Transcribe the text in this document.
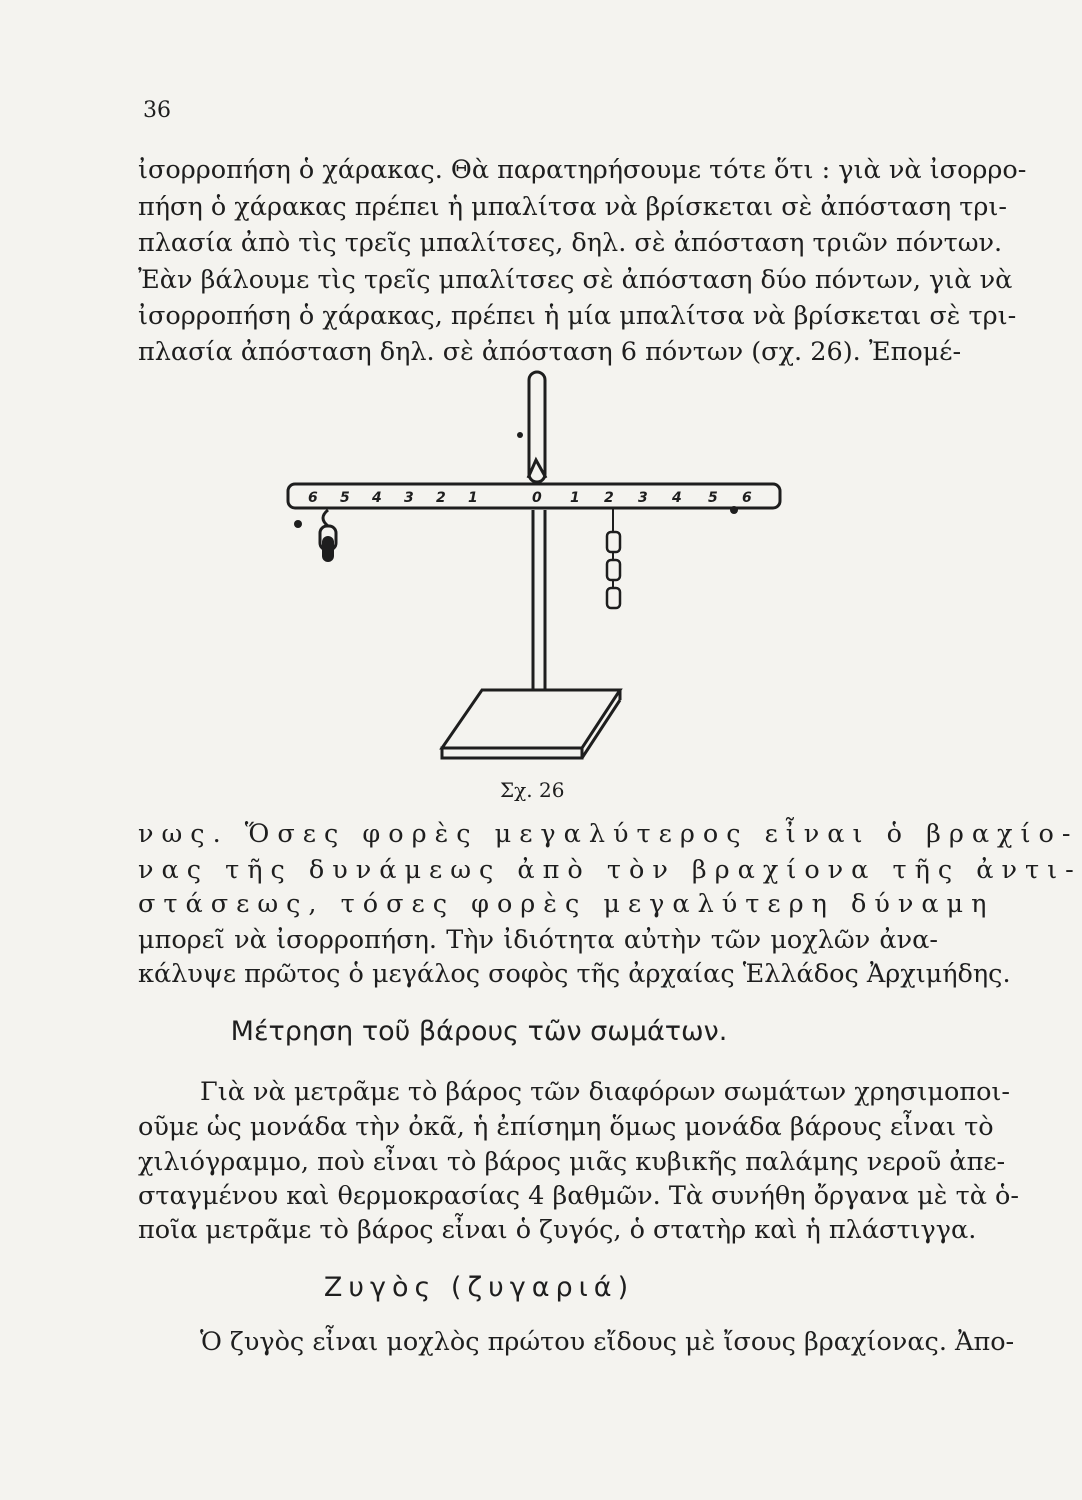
36
ἰσορροπήση ὁ χάρακας. Θὰ παρατηρήσουμε τότε ὅτι : γιὰ νὰ ἰσορρο-
πήση ὁ χάρακας πρέπει ἡ μπαλίτσα νὰ βρίσκεται σὲ ἀπόσταση τρι-
πλασία ἀπὸ τὶς τρεῖς μπαλίτσες, δηλ. σὲ ἀπόσταση τριῶν πόντων.
Ἐὰν βάλουμε τὶς τρεῖς μπαλίτσες σὲ ἀπόσταση δύο πόντων, γιὰ νὰ
ἰσορροπήση ὁ χάρακας, πρέπει ἡ μία μπαλίτσα νὰ βρίσκεται σὲ τρι-
πλασία ἀπόσταση δηλ. σὲ ἀπόσταση 6 πόντων (σχ. 26). Ἐπομέ-
6 5 4 3 2 1	0 1 2 3 4 5 6
Σχ. 26
νως. Ὅσες φορὲς μεγαλύτερος εἶναι ὁ βραχίο-
νας τῆς δυνάμεως ἀπὸ τὸν βραχίονα τῆς ἀντι-
στάσεως, τόσες φορὲς μεγαλύτερη δύναμη
μπορεῖ νὰ ἰσορροπήση. Τὴν ἰδιότητα αὐτὴν τῶν μοχλῶν ἀνα-
κάλυψε πρῶτος ὁ μεγάλος σοφὸς τῆς ἀρχαίας Ἑλλάδος Ἀρχιμήδης.
Μέτρηση τοῦ βάρους τῶν σωμάτων.
Γιὰ νὰ μετρᾶμε τὸ βάρος τῶν διαφόρων σωμάτων χρησιμοποι-
οῦμε ὡς μονάδα τὴν ὀκᾶ, ἡ ἐπίσημη ὅμως μονάδα βάρους εἶναι τὸ
χιλιόγραμμο, ποὺ εἶναι τὸ βάρος μιᾶς κυβικῆς παλάμης νεροῦ ἀπε-
σταγμένου καὶ θερμοκρασίας 4 βαθμῶν. Τὰ συνήθη ὄργανα μὲ τὰ ὁ-
ποῖα μετρᾶμε τὸ βάρος εἶναι ὁ ζυγός, ὁ στατὴρ καὶ ἡ πλάστιγγα.
Ζυγὸς (ζυγαριά)
Ὁ ζυγὸς εἶναι μοχλὸς πρώτου εἴδους μὲ ἴσους βραχίονας. Ἀπο-
